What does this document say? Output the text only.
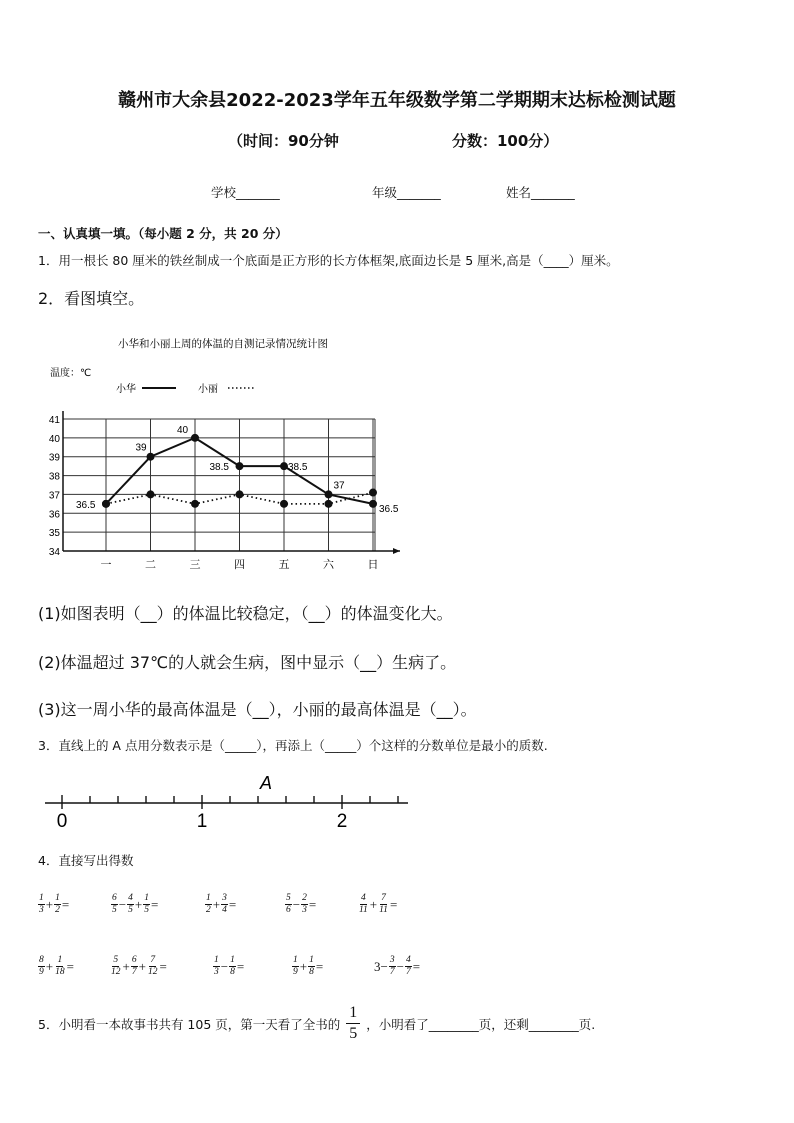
赣州市大余县2022-2023学年五年级数学第二学期期末达标检测试题
（时间：90分钟	分数：100分）
学校_______	年级_______	姓名_______
一、认真填一填。（每小题 2 分，共 20 分）
1．用一根长 80 厘米的铁丝制成一个底面是正方形的长方体框架,底面边长是 5 厘米,高是（____）厘米。
2．看图填空。
小华和小丽上周的体温的自测记录情况统计图
温度：℃
小华	小丽
34
35
36
37
38
39
40
41
一	二	三	四	五	六	日
36.5
39
40
38.5	38.5
37
36.5
(1)如图表明（__）的体温比较稳定，（__）的体温变化大。
(2)体温超过 37℃的人就会生病，图中显示（__）生病了。
(3)这一周小华的最高体温是（__），小丽的最高体温是（__）。
3．直线上的 A 点用分数表示是（_____），再添上（_____）个这样的分数单位是最小的质数.
0	1	2
A
4．直接写出得数
$\frac{1}{3} + \frac{1}{2}$ =	$\frac{6}{5} - \frac{4}{5} + \frac{1}{5}$ =	$\frac{1}{2} + \frac{3}{4}$ =	$\frac{5}{6} - \frac{2}{3}$ =	$\frac{4}{11} + \frac{7}{11}$ =
$\frac{8}{9} + \frac{1}{18}$ =	$\frac{5}{12} + \frac{6}{7} + \frac{7}{12}$ =	$\frac{1}{3} - \frac{1}{8}$ =	$\frac{1}{9} + \frac{1}{8}$ =	$3- \frac{3}{7} - \frac{4}{7}$ =
5．小明看一本故事书共有 105 页，第一天看了全书的 $\frac{1}{5}$ ，小明看了________页，还剩________页.
